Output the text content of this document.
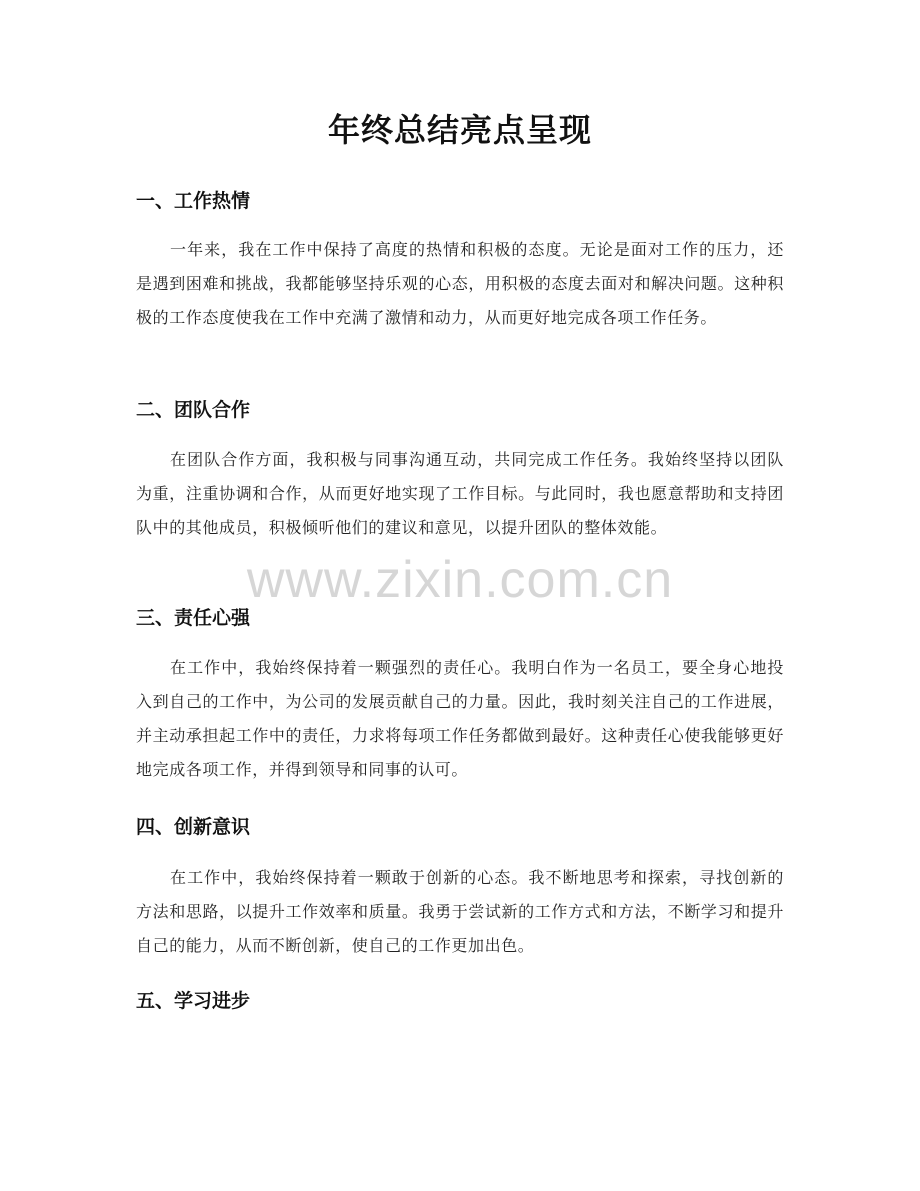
年终总结亮点呈现
一、工作热情
一年来，我在工作中保持了高度的热情和积极的态度。无论是面对工作的压力，还是遇到困难和挑战，我都能够坚持乐观的心态，用积极的态度去面对和解决问题。这种积极的工作态度使我在工作中充满了激情和动力，从而更好地完成各项工作任务。
二、团队合作
在团队合作方面，我积极与同事沟通互动，共同完成工作任务。我始终坚持以团队为重，注重协调和合作，从而更好地实现了工作目标。与此同时，我也愿意帮助和支持团队中的其他成员，积极倾听他们的建议和意见，以提升团队的整体效能。
三、责任心强
在工作中，我始终保持着一颗强烈的责任心。我明白作为一名员工，要全身心地投入到自己的工作中，为公司的发展贡献自己的力量。因此，我时刻关注自己的工作进展，并主动承担起工作中的责任，力求将每项工作任务都做到最好。这种责任心使我能够更好地完成各项工作，并得到领导和同事的认可。
四、创新意识
在工作中，我始终保持着一颗敢于创新的心态。我不断地思考和探索，寻找创新的方法和思路，以提升工作效率和质量。我勇于尝试新的工作方式和方法，不断学习和提升自己的能力，从而不断创新，使自己的工作更加出色。
五、学习进步
www.zixin.com.cn
